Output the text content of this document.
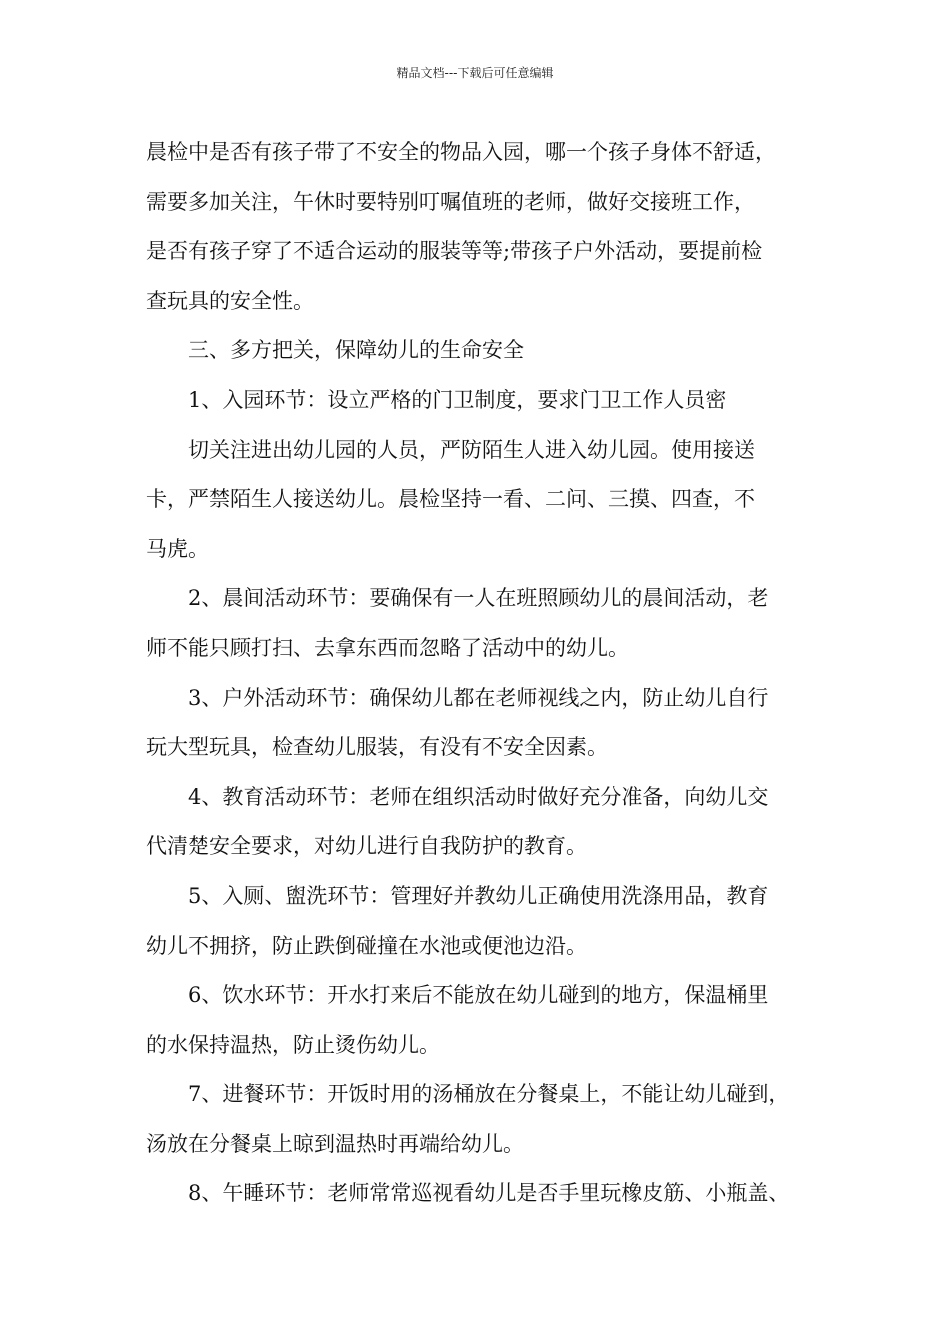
精品文档---下载后可任意编辑
晨检中是否有孩子带了不安全的物品入园，哪一个孩子身体不舒适，
需要多加关注，午休时要特别叮嘱值班的老师，做好交接班工作，
是否有孩子穿了不适合运动的服装等等;带孩子户外活动，要提前检
查玩具的安全性。
三、多方把关，保障幼儿的生命安全
1、入园环节：设立严格的门卫制度，要求门卫工作人员密
切关注进出幼儿园的人员，严防陌生人进入幼儿园。使用接送
卡，严禁陌生人接送幼儿。晨检坚持一看、二问、三摸、四查，不
马虎。
2、晨间活动环节：要确保有一人在班照顾幼儿的晨间活动，老
师不能只顾打扫、去拿东西而忽略了活动中的幼儿。
3、户外活动环节：确保幼儿都在老师视线之内，防止幼儿自行
玩大型玩具，检查幼儿服装，有没有不安全因素。
4、教育活动环节：老师在组织活动时做好充分准备，向幼儿交
代清楚安全要求，对幼儿进行自我防护的教育。
5、入厕、盥洗环节：管理好并教幼儿正确使用洗涤用品，教育
幼儿不拥挤，防止跌倒碰撞在水池或便池边沿。
6、饮水环节：开水打来后不能放在幼儿碰到的地方，保温桶里
的水保持温热，防止烫伤幼儿。
7、进餐环节：开饭时用的汤桶放在分餐桌上，不能让幼儿碰到，
汤放在分餐桌上晾到温热时再端给幼儿。
8、午睡环节：老师常常巡视看幼儿是否手里玩橡皮筋、小瓶盖、
